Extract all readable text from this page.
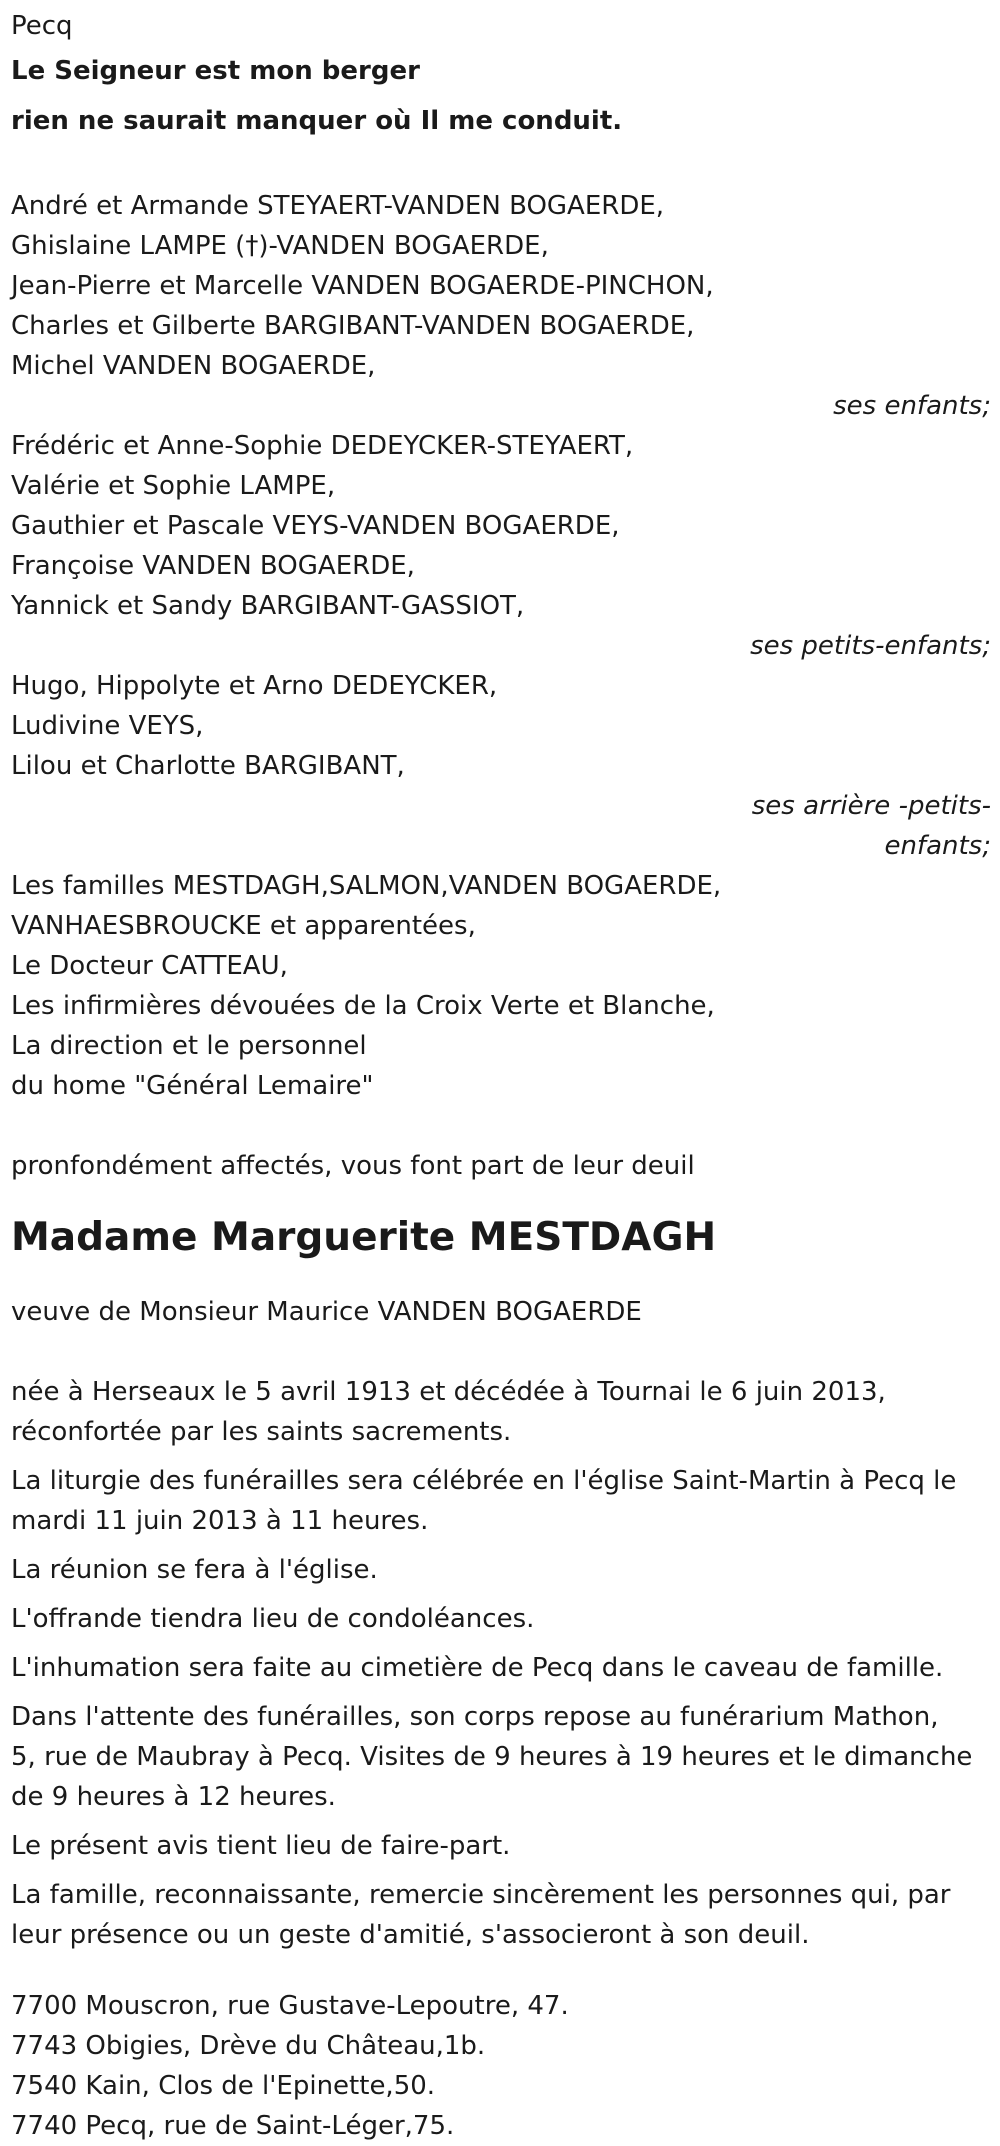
Pecq
Le Seigneur est mon berger
rien ne saurait manquer où Il me conduit.
André et Armande STEYAERT-VANDEN BOGAERDE,
Ghislaine LAMPE (†)-VANDEN BOGAERDE,
Jean-Pierre et Marcelle VANDEN BOGAERDE-PINCHON,
Charles et Gilberte BARGIBANT-VANDEN BOGAERDE,
Michel VANDEN BOGAERDE,
ses enfants;
Frédéric et Anne-Sophie DEDEYCKER-STEYAERT,
Valérie et Sophie LAMPE,
Gauthier et Pascale VEYS-VANDEN BOGAERDE,
Françoise VANDEN BOGAERDE,
Yannick et Sandy BARGIBANT-GASSIOT,
ses petits-enfants;
Hugo, Hippolyte et Arno DEDEYCKER,
Ludivine VEYS,
Lilou et Charlotte BARGIBANT,
ses arrière -petits-
enfants;
Les familles MESTDAGH,SALMON,VANDEN BOGAERDE,
VANHAESBROUCKE et apparentées,
Le Docteur CATTEAU,
Les infirmières dévouées de la Croix Verte et Blanche,
La direction et le personnel
du home "Général Lemaire"
pronfondément affectés, vous font part de leur deuil
Madame Marguerite MESTDAGH
veuve de Monsieur Maurice VANDEN BOGAERDE
née à Herseaux le 5 avril 1913 et décédée à Tournai le 6 juin 2013,
réconfortée par les saints sacrements.
La liturgie des funérailles sera célébrée en l'église Saint-Martin à Pecq le
mardi 11 juin 2013 à 11 heures.
La réunion se fera à l'église.
L'offrande tiendra lieu de condoléances.
L'inhumation sera faite au cimetière de Pecq dans le caveau de famille.
Dans l'attente des funérailles, son corps repose au funérarium Mathon,
5, rue de Maubray à Pecq. Visites de 9 heures à 19 heures et le dimanche
de 9 heures à 12 heures.
Le présent avis tient lieu de faire-part.
La famille, reconnaissante, remercie sincèrement les personnes qui, par
leur présence ou un geste d'amitié, s'associeront à son deuil.
7700 Mouscron, rue Gustave-Lepoutre, 47.
7743 Obigies, Drève du Château,1b.
7540 Kain, Clos de l'Epinette,50.
7740 Pecq, rue de Saint-Léger,75.
